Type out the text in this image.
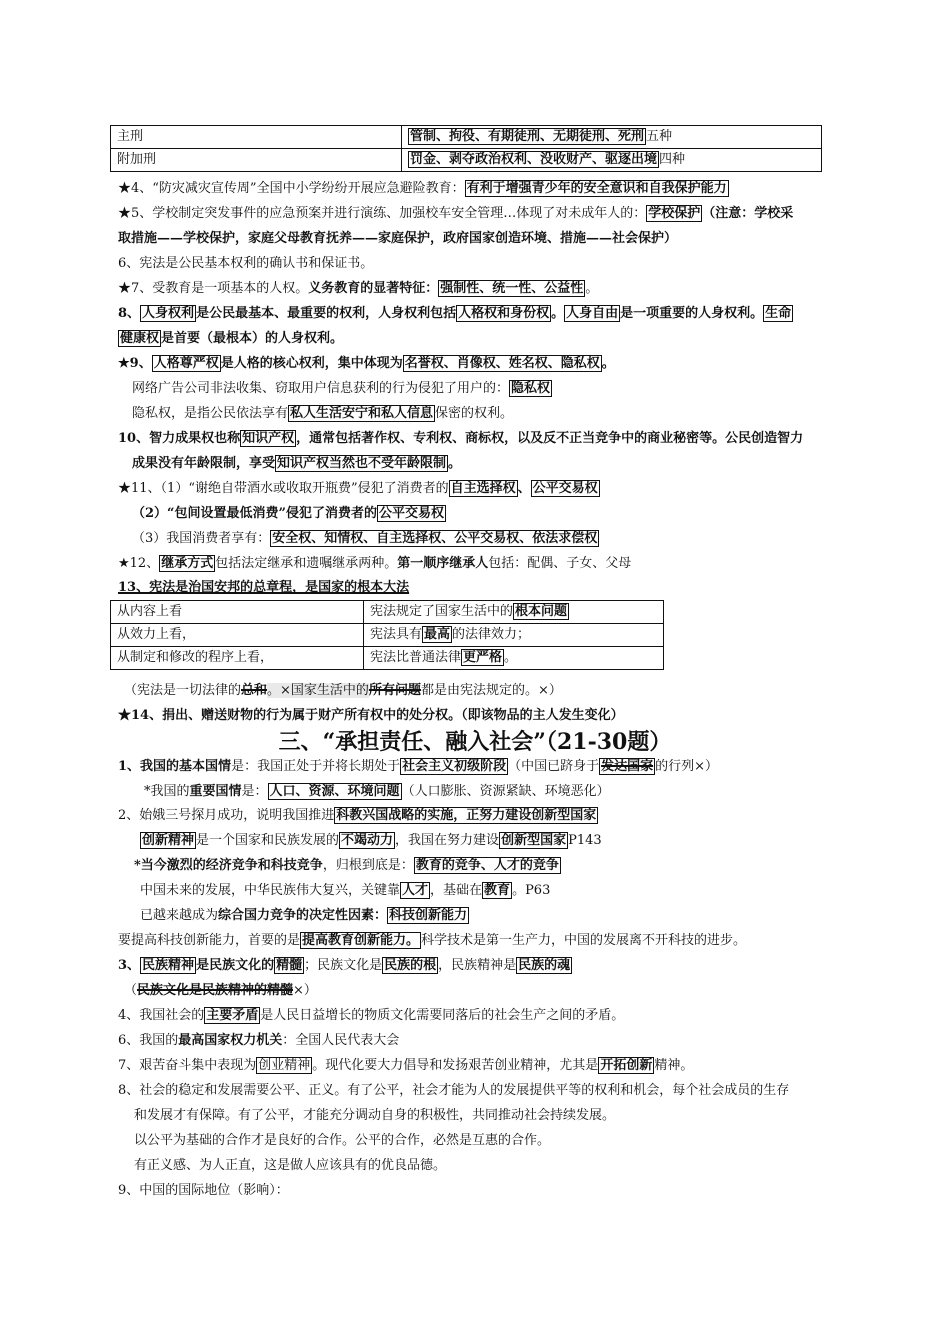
主刑	管制、拘役、有期徒刑、无期徒刑、死刑 五种
附加刑	罚金、剥夺政治权利、没收财产、驱逐出境 四种
★4、“防灾减灾宣传周”全国中小学纷纷开展应急避险教育： 有利于增强青少年的安全意识和自我保护能力
★5、学校制定突发事件的应急预案并进行演练、加强校车安全管理…体现了对未成年人的： 学校保护 （注意：学校采
取措施——学校保护，家庭父母教育抚养——家庭保护，政府国家创造环境、措施——社会保护）
6、宪法是公民基本权利的确认书和保证书。
★7、受教育是一项基本的人权。义务教育的显著特征： 强制性、统一性、公益性 。
8、 人身权利 是公民最基本、最重要的权利，人身权利包括 人格权和身份权 。 人身自由 是一项重要的人身权利。 生命
健康权 是首要（最根本）的人身权利。
★9、 人格尊严权 是人格的核心权利，集中体现为 名誉权、肖像权、姓名权、隐私权 。
网络广告公司非法收集、窃取用户信息获利的行为侵犯了用户的： 隐私权
隐私权，是指公民依法享有 私人生活安宁和私人信息 保密的权利。
10、智力成果权也称 知识产权 ，通常包括著作权、专利权、商标权，以及反不正当竞争中的商业秘密等。公民创造智力
成果没有年龄限制，享受 知识产权当然也不受年龄限制 。
★11、（1）“谢绝自带酒水或收取开瓶费”侵犯了消费者的 自主选择权 、 公平交易权
（2）“包间设置最低消费”侵犯了消费者的 公平交易权
（3）我国消费者享有： 安全权、知情权、自主选择权、公平交易权、依法求偿权
★12、 继承方式 包括法定继承和遗嘱继承两种。第一顺序继承人包括：配偶、子女、父母
13、宪法是治国安邦的总章程，是国家的根本大法
从内容上看	宪法规定了国家生活中的 根本问题
从效力上看，	宪法具有 最高 的法律效力；
从制定和修改的程序上看，	宪法比普通法律 更严格 。
（宪法是一切法律的总和。×国家生活中的所有问题都是由宪法规定的。×）
★14、捐出、赠送财物的行为属于财产所有权中的处分权。（即该物品的主人发生变化）
三、“承担责任、融入社会”（21-30题）
1、我国的基本国情是：我国正处于并将长期处于 社会主义初级阶段 （中国已跻身于 发达国家 的行列×）
*我国的重要国情是： 人口、资源、环境问题 （人口膨胀、资源紧缺、环境恶化）
2、始娥三号探月成功，说明我国推进 科教兴国战略的实施，正努力建设创新型国家
创新精神 是一个国家和民族发展的 不竭动力 ，我国在努力建设 创新型国家 P143
*当今激烈的经济竞争和科技竞争，归根到底是： 教育的竞争、人才的竞争
中国未来的发展，中华民族伟大复兴，关键靠 人才 ，基础在 教育 。P63
已越来越成为综合国力竞争的决定性因素： 科技创新能力
要提高科技创新能力，首要的是 提高教育创新能力。 科学技术是第一生产力，中国的发展离不开科技的进步。
3、 民族精神 是民族文化的 精髓 ；民族文化是 民族的根 ，民族精神是 民族的魂
（民族文化是民族精神的精髓×）
4、我国社会的 主要矛盾 是人民日益增长的物质文化需要同落后的社会生产之间的矛盾。
6、我国的最高国家权力机关：全国人民代表大会
7、艰苦奋斗集中表现为 创业精神 。现代化要大力倡导和发扬艰苦创业精神，尤其是 开拓创新 精神。
8、社会的稳定和发展需要公平、正义。有了公平，社会才能为人的发展提供平等的权利和机会，每个社会成员的生存
和发展才有保障。有了公平，才能充分调动自身的积极性，共同推动社会持续发展。
以公平为基础的合作才是良好的合作。公平的合作，必然是互惠的合作。
有正义感、为人正直，这是做人应该具有的优良品德。
9、中国的国际地位（影响）：
